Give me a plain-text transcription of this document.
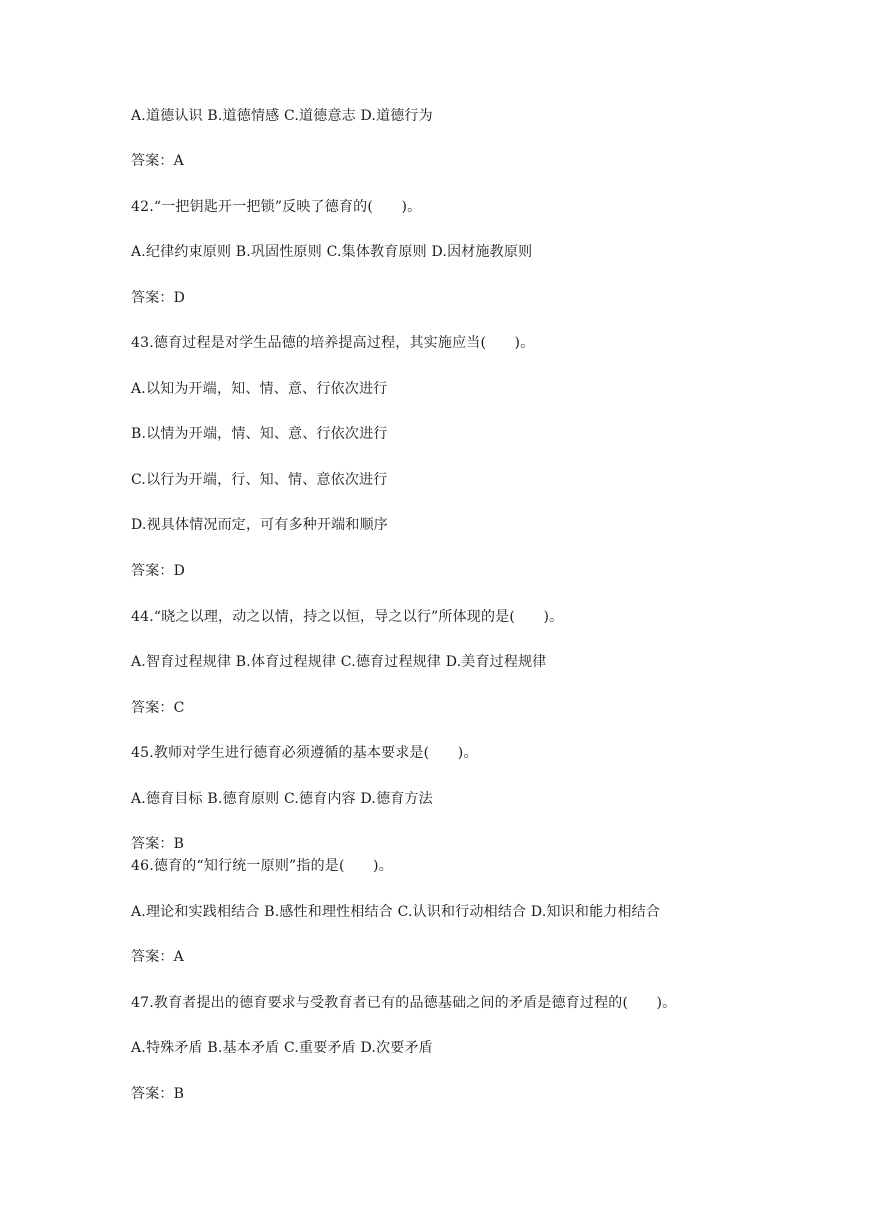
A.道德认识 B.道德情感 C.道德意志 D.道德行为
答案：A
42.“一把钥匙开一把锁”反映了德育的(　　)。
A.纪律约束原则 B.巩固性原则 C.集体教育原则 D.因材施教原则
答案：D
43.德育过程是对学生品德的培养提高过程，其实施应当(　　)。
A.以知为开端，知、情、意、行依次进行
B.以情为开端，情、知、意、行依次进行
C.以行为开端，行、知、情、意依次进行
D.视具体情况而定，可有多种开端和顺序
答案：D
44.“晓之以理，动之以情，持之以恒，导之以行”所体现的是(　　)。
A.智育过程规律 B.体育过程规律 C.德育过程规律 D.美育过程规律
答案：C
45.教师对学生进行德育必须遵循的基本要求是(　　)。
A.德育目标 B.德育原则 C.德育内容 D.德育方法
答案：B
46.德育的“知行统一原则”指的是(　　)。
A.理论和实践相结合 B.感性和理性相结合 C.认识和行动相结合 D.知识和能力相结合
答案：A
47.教育者提出的德育要求与受教育者已有的品德基础之间的矛盾是德育过程的(　　)。
A.特殊矛盾 B.基本矛盾 C.重要矛盾 D.次要矛盾
答案：B
